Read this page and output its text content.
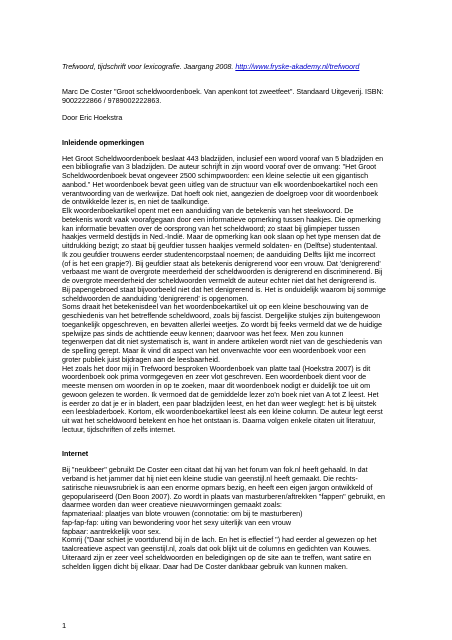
Trefwoord, tijdschrift voor lexicografie. Jaargang 2008. http://www.fryske-akademy.nl/trefwoord

Marc De Coster "Groot scheldwoordenboek. Van apenkont tot zweetfeet". Standaard Uitgeverij. ISBN:

9002222866 / 9789002222863.

Door Eric Hoekstra

Inleidende opmerkingen

Het Groot Scheldwoordenboek beslaat 443 bladzijden, inclusief een woord vooraf van 5 bladzijden en

een bibliografie van 3 bladzijden. De auteur schrijft in zijn woord vooraf over de omvang: "Het Groot

Scheldwoordenboek bevat ongeveer 2500 schimpwoorden: een kleine selectie uit een gigantisch

aanbod." Het woordenboek bevat geen uitleg van de structuur van elk woordenboekartikel noch een

verantwoording van de werkwijze. Dat hoeft ook niet, aangezien de doelgroep voor dit woordenboek

de ontwikkelde lezer is, en niet de taalkundige.

Elk woordenboekartikel opent met een aanduiding van de betekenis van het steekwoord. De

betekenis wordt vaak voorafgegaan door een informatieve opmerking tussen haakjes. Die opmerking

kan informatie bevatten over de oorsprong van het scheldwoord; zo staat bij glimpieper tussen

haakjes vermeld destijds in Ned.-Indië. Maar de opmerking kan ook slaan op het type mensen dat de

uitdrukking bezigt; zo staat bij geufdier tussen haakjes vermeld soldaten- en (Delftse) studententaal.

Ik zou geufdier trouwens eerder studentencorpstaal noemen; de aanduiding Delfts lijkt me incorrect

(of is het een grapje?). Bij geufdier staat als betekenis denigrerend voor een vrouw. Dat 'denigrerend'

verbaast me want de overgrote meerderheid der scheldwoorden is denigrerend en discriminerend. Bij

de overgrote meerderheid der scheldwoorden vermeldt de auteur echter niet dat het denigrerend is.

Bij papengebroed staat bijvoorbeeld niet dat het denigrerend is. Het is onduidelijk waarom bij sommige

scheldwoorden de aanduiding 'denigrerend' is opgenomen.

Soms draait het betekenisdeel van het woordenboekartikel uit op een kleine beschouwing van de

geschiedenis van het betreffende scheldwoord, zoals bij fascist. Dergelijke stukjes zijn buitengewoon

toegankelijk opgeschreven, en bevatten allerlei weetjes. Zo wordt bij feeks vermeld dat we de huidige

spelwijze pas sinds de achttiende eeuw kennen; daarvoor was het feex. Men zou kunnen

tegenwerpen dat dit niet systematisch is, want in andere artikelen wordt niet van de geschiedenis van

de spelling gerept. Maar ik vind dit aspect van het onverwachte voor een woordenboek voor een

groter publiek juist bijdragen aan de leesbaarheid.

Het zoals het door mij in Trefwoord besproken Woordenboek van platte taal (Hoekstra 2007) is dit

woordenboek ook prima vormgegeven en zeer vlot geschreven. Een woordenboek dient voor de

meeste mensen om woorden in op te zoeken, maar dit woordenboek nodigt er duidelijk toe uit om

gewoon gelezen te worden. Ik vermoed dat de gemiddelde lezer zo'n boek niet van A tot Z leest. Het

is eerder zo dat je er in bladert, een paar bladzijden leest, en het dan weer weglegt: het is bij uitstek

een leesbladerboek. Kortom, elk woordenboekartikel leest als een kleine column. De auteur legt eerst

uit wat het scheldwoord betekent en hoe het ontstaan is. Daarna volgen enkele citaten uit literatuur,

lectuur, tijdschriften of zelfs internet.

Internet

Bij "neukbeer" gebruikt De Coster een citaat dat hij van het forum van fok.nl heeft gehaald. In dat

verband is het jammer dat hij niet een kleine studie van geenstijl.nl heeft gemaakt. Die rechts-

satirische nieuwsrubriek is aan een enorme opmars bezig, en heeft een eigen jargon ontwikkeld of

gepopulariseerd (Den Boon 2007). Zo wordt in plaats van masturberen/aftrekken "fappen" gebruikt, en

daarmee worden dan weer creatieve nieuwvormingen gemaakt zoals:

fapmateriaal: plaatjes van blote vrouwen (connotatie: om bij te masturberen)

fap-fap-fap: uiting van bewondering voor het sexy uiterlijk van een vrouw

fapbaar: aantrekkelijk voor sex.

Komrij ("Daar schiet je voortdurend bij in de lach. En het is effectief ") had eerder al gewezen op het

taalcreatieve aspect van geenstijl.nl, zoals dat ook blijkt uit de columns en gedichten van Kouwes.

Uiteraard zijn er zeer veel scheldwoorden en beledigingen op de site aan te treffen, want satire en

schelden liggen dicht bij elkaar. Daar had De Coster dankbaar gebruik van kunnen maken.

1
